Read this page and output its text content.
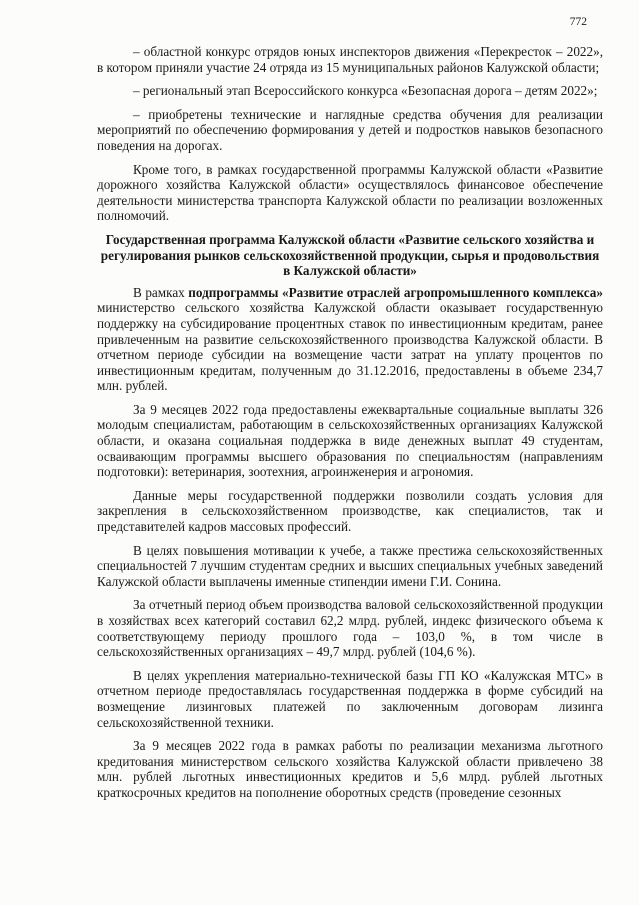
772

– областной конкурс отрядов юных инспекторов движения «Перекресток – 2022», в котором приняли участие 24 отряда из 15 муниципальных районов Калужской области;

– региональный этап Всероссийского конкурса «Безопасная дорога – детям 2022»;

– приобретены технические и наглядные средства обучения для реализации мероприятий по обеспечению формирования у детей и подростков навыков безопасного поведения на дорогах.

Кроме того, в рамках государственной программы Калужской области «Развитие дорожного хозяйства Калужской области» осуществлялось финансовое обеспечение деятельности министерства транспорта Калужской области по реализации возложенных полномочий.

Государственная программа Калужской области «Развитие сельского хозяйства и регулирования рынков сельскохозяйственной продукции, сырья и продовольствия в Калужской области»

В рамках подпрограммы «Развитие отраслей агропромышленного комплекса» министерство сельского хозяйства Калужской области оказывает государственную поддержку на субсидирование процентных ставок по инвестиционным кредитам, ранее привлеченным на развитие сельскохозяйственного производства Калужской области. В отчетном периоде субсидии на возмещение части затрат на уплату процентов по инвестиционным кредитам, полученным до 31.12.2016, предоставлены в объеме 234,7 млн. рублей.

За 9 месяцев 2022 года предоставлены ежеквартальные социальные выплаты 326 молодым специалистам, работающим в сельскохозяйственных организациях Калужской области, и оказана социальная поддержка в виде денежных выплат 49 студентам, осваивающим программы высшего образования по специальностям (направлениям подготовки): ветеринария, зоотехния, агроинженерия и агрономия.

Данные меры государственной поддержки позволили создать условия для закрепления в сельскохозяйственном производстве, как специалистов, так и представителей кадров массовых профессий.

В целях повышения мотивации к учебе, а также престижа сельскохозяйственных специальностей 7 лучшим студентам средних и высших специальных учебных заведений Калужской области выплачены именные стипендии имени Г.И. Сонина.

За отчетный период объем производства валовой сельскохозяйственной продукции в хозяйствах всех категорий составил 62,2 млрд. рублей, индекс физического объема к соответствующему периоду прошлого года – 103,0 %, в том числе в сельскохозяйственных организациях – 49,7 млрд. рублей (104,6 %).

В целях укрепления материально-технической базы ГП КО «Калужская МТС» в отчетном периоде предоставлялась государственная поддержка в форме субсидий на возмещение лизинговых платежей по заключенным договорам лизинга сельскохозяйственной техники.

За 9 месяцев 2022 года в рамках работы по реализации механизма льготного кредитования министерством сельского хозяйства Калужской области привлечено 38 млн. рублей льготных инвестиционных кредитов и 5,6 млрд. рублей льготных краткосрочных кредитов на пополнение оборотных средств (проведение сезонных
